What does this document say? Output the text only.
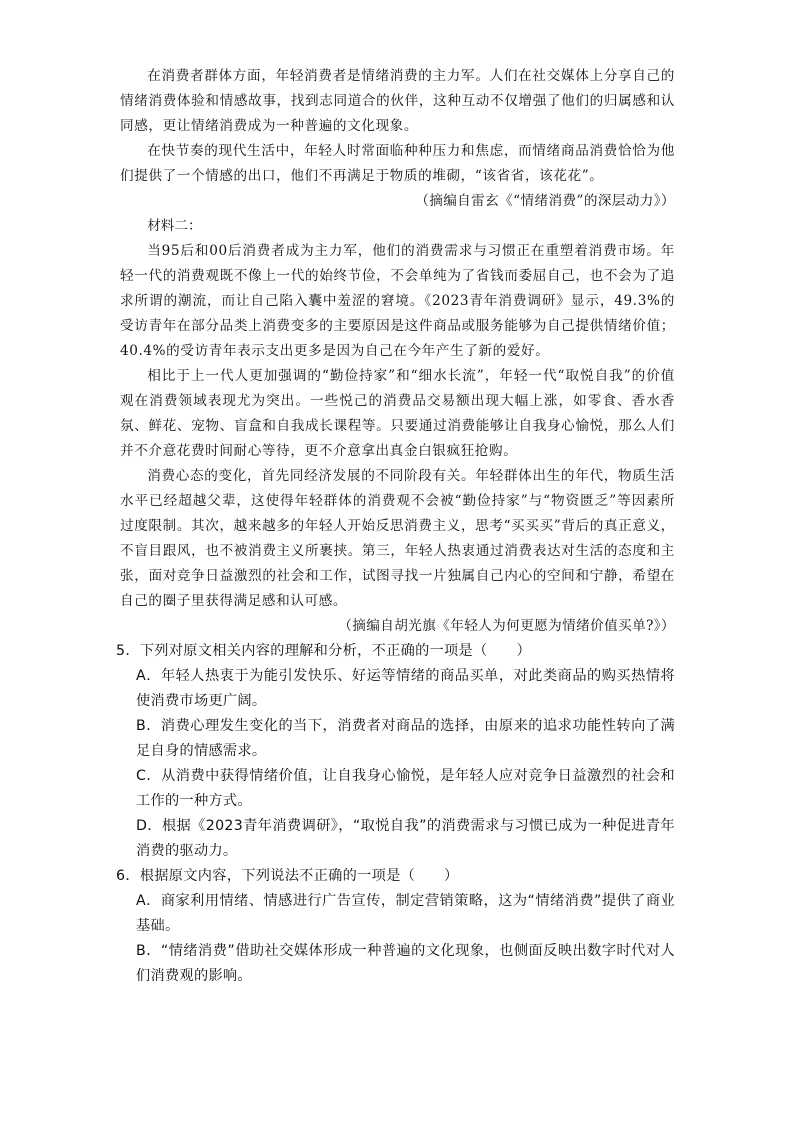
在消费者群体方面，年轻消费者是情绪消费的主力军。人们在社交媒体上分享自己的情绪消费体验和情感故事，找到志同道合的伙伴，这种互动不仅增强了他们的归属感和认同感，更让情绪消费成为一种普遍的文化现象。

在快节奏的现代生活中，年轻人时常面临种种压力和焦虑，而情绪商品消费恰恰为他们提供了一个情感的出口，他们不再满足于物质的堆砌，“该省省，该花花”。

（摘编自雷玄《“情绪消费”的深层动力》）

材料二：

当95后和00后消费者成为主力军，他们的消费需求与习惯正在重塑着消费市场。年轻一代的消费观既不像上一代的始终节俭，不会单纯为了省钱而委屈自己，也不会为了追求所谓的潮流，而让自己陷入囊中羞涩的窘境。《2023青年消费调研》显示，49.3%的受访青年在部分品类上消费变多的主要原因是这件商品或服务能够为自己提供情绪价值；40.4%的受访青年表示支出更多是因为自己在今年产生了新的爱好。

相比于上一代人更加强调的“勤俭持家”和“细水长流”，年轻一代“取悦自我”的价值观在消费领域表现尤为突出。一些悦己的消费品交易额出现大幅上涨，如零食、香水香氛、鲜花、宠物、盲盒和自我成长课程等。只要通过消费能够让自我身心愉悦，那么人们并不介意花费时间耐心等待，更不介意拿出真金白银疯狂抢购。

消费心态的变化，首先同经济发展的不同阶段有关。年轻群体出生的年代，物质生活水平已经超越父辈，这使得年轻群体的消费观不会被“勤俭持家”与“物资匮乏”等因素所过度限制。其次，越来越多的年轻人开始反思消费主义，思考“买买买”背后的真正意义，不盲目跟风，也不被消费主义所裹挟。第三，年轻人热衷通过消费表达对生活的态度和主张，面对竞争日益激烈的社会和工作，试图寻找一片独属自己内心的空间和宁静，希望在自己的圈子里获得满足感和认可感。

（摘编自胡光旗《年轻人为何更愿为情绪价值买单?》）

5．下列对原文相关内容的理解和分析，不正确的一项是（　　）

A．年轻人热衷于为能引发快乐、好运等情绪的商品买单，对此类商品的购买热情将使消费市场更广阔。

B．消费心理发生变化的当下，消费者对商品的选择，由原来的追求功能性转向了满足自身的情感需求。

C．从消费中获得情绪价值，让自我身心愉悦，是年轻人应对竞争日益激烈的社会和工作的一种方式。

D．根据《2023青年消费调研》，“取悦自我”的消费需求与习惯已成为一种促进青年消费的驱动力。

6．根据原文内容，下列说法不正确的一项是（　　）

A．商家利用情绪、情感进行广告宣传，制定营销策略，这为“情绪消费”提供了商业基础。

B．“情绪消费”借助社交媒体形成一种普遍的文化现象，也侧面反映出数字时代对人们消费观的影响。
